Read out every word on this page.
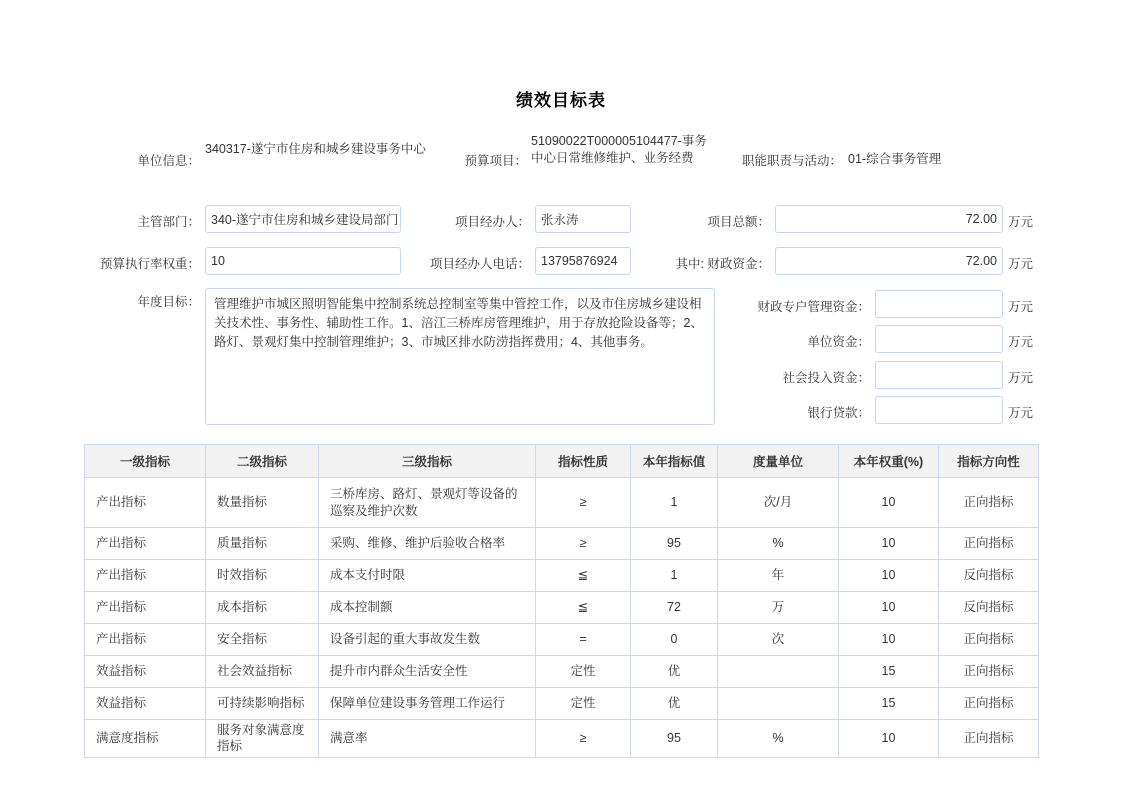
绩效目标表
单位信息：
340317-遂宁市住房和城乡建设事务中心
预算项目：
51090022T000005104477-事务中心日常维修维护、业务经费	职能职责与活动： 01-综合事务管理
主管部门： 340-遂宁市住房和城乡建设局部门	项目经办人： 张永涛	项目总额：	72.00 万元
预算执行率权重： 10	项目经办人电话： 13795876924	其中: 财政资金：	72.00 万元
年度目标：	管理维护市城区照明智能集中控制系统总控制室等集中管控工作，以及市住房城乡建设相关技术性、事务性、辅助性工作。1、涪江三桥库房管理维护，用于存放抢险设备等；2、路灯、景观灯集中控制管理维护；3、市城区排水防涝指挥费用；4、其他事务。
财政专户管理资金：	万元
单位资金：	万元
社会投入资金：	万元
银行贷款：	万元
一级指标	二级指标	三级指标	指标性质	本年指标值	度量单位	本年权重(%)	指标方向性
产出指标	数量指标	三桥库房、路灯、景观灯等设备的巡察及维护次数	≥	1	次/月	10	正向指标
产出指标	质量指标	采购、维修、维护后验收合格率	≥	95	%	10	正向指标
产出指标	时效指标	成本支付时限	≦	1	年	10	反向指标
产出指标	成本指标	成本控制额	≦	72	万	10	反向指标
产出指标	安全指标	设备引起的重大事故发生数	=	0	次	10	正向指标
效益指标	社会效益指标	提升市内群众生活安全性	定性	优		15	正向指标
效益指标	可持续影响指标	保障单位建设事务管理工作运行	定性	优		15	正向指标
满意度指标	服务对象满意度指标	满意率	≥	95	%	10	正向指标
